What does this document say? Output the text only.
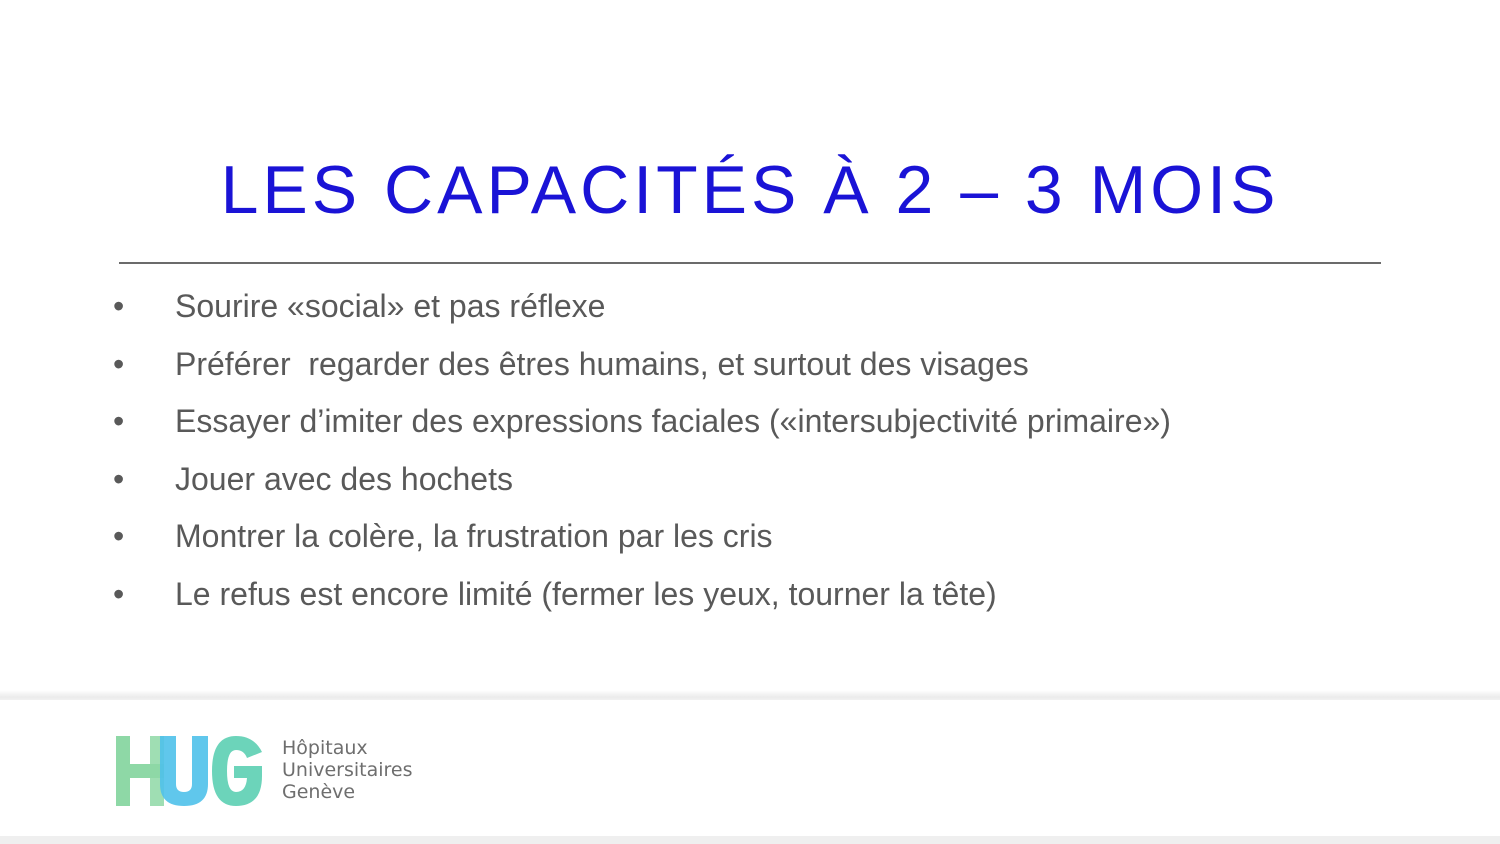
LES CAPACITÉS À 2 – 3 MOIS

•

Sourire «social» et pas réflexe

•

Préférer  regarder des êtres humains, et surtout des visages

•

Essayer d’imiter des expressions faciales («intersubjectivité primaire»)

•

Jouer avec des hochets

•

Montrer la colère, la frustration par les cris

•

Le refus est encore limité (fermer les yeux, tourner la tête)

Hôpitaux
Universitaires
Genève
